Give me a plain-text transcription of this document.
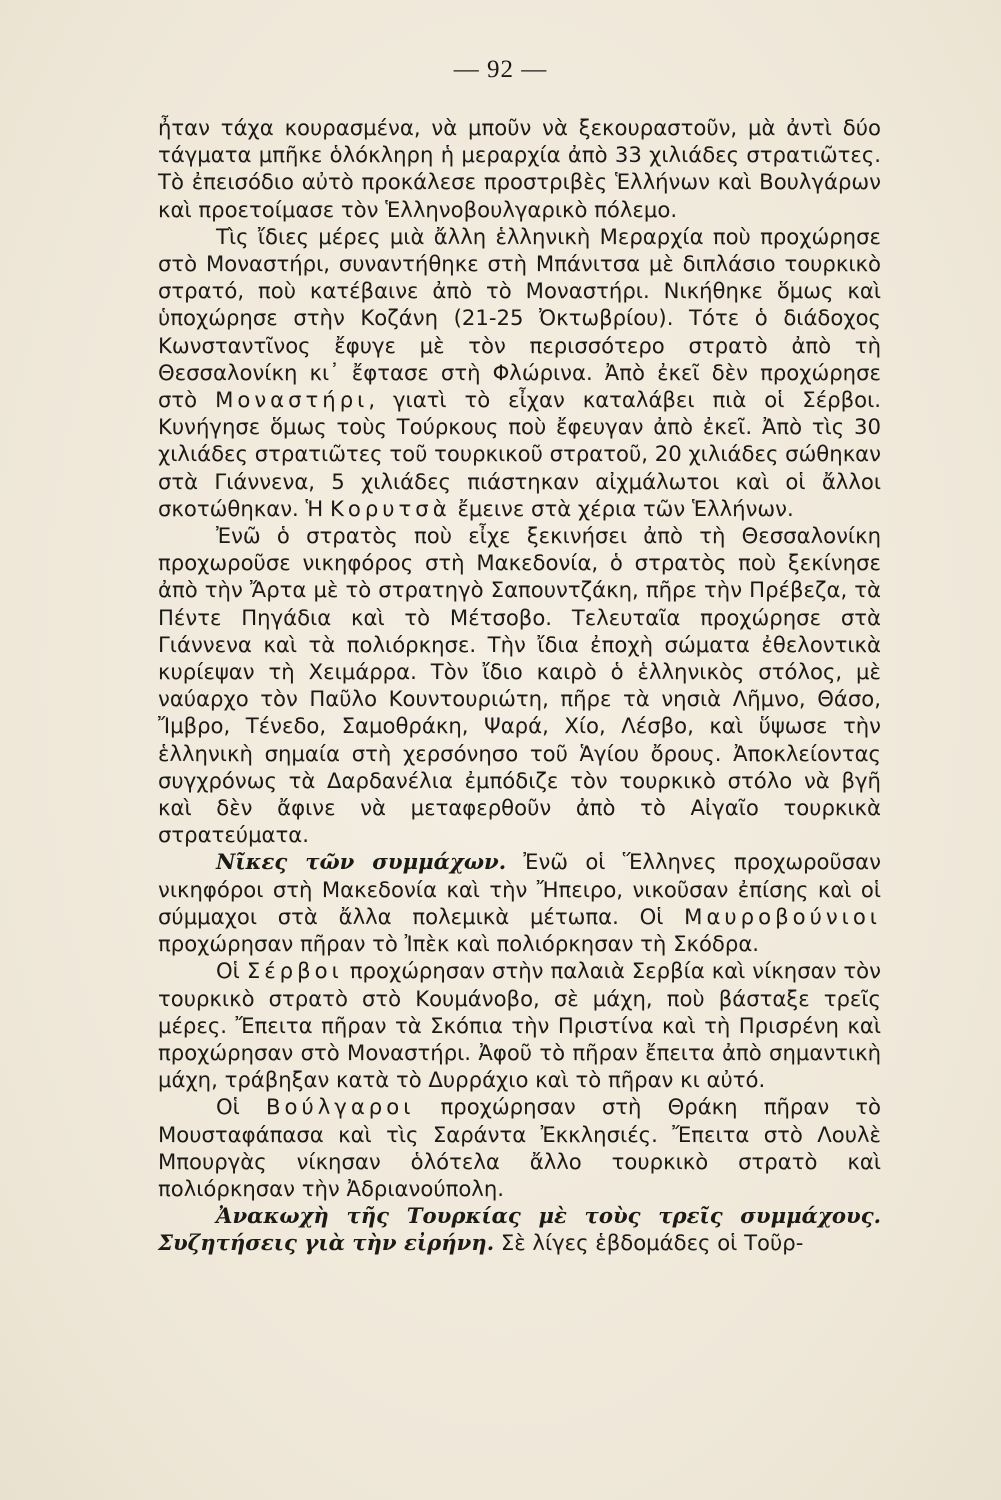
— 92 —

ἦταν τάχα κουρασμένα, νὰ μποῦν νὰ ξεκουραστοῦν, μὰ ἀντὶ δύο τάγματα μπῆκε ὁλόκληρη ἡ μεραρχία ἀπὸ 33 χιλιάδες στρατιῶτες. Τὸ ἐπεισόδιο αὐτὸ προκάλεσε προστριβὲς Ἑλλήνων καὶ Βουλγάρων καὶ προετοίμασε τὸν Ἑλληνοβουλγαρικὸ πόλεμο.

Τὶς ἴδιες μέρες μιὰ ἄλλη ἑλληνικὴ Μεραρχία ποὺ προχώρησε στὸ Μοναστήρι, συναντήθηκε στὴ Μπάνιτσα μὲ διπλάσιο τουρκικὸ στρατό, ποὺ κατέβαινε ἀπὸ τὸ Μοναστήρι. Νικήθηκε ὅμως καὶ ὑποχώρησε στὴν Κοζάνη (21-25 Ὀκτωβρίου). Τότε ὁ διάδοχος Κωνσταντῖνος ἔφυγε μὲ τὸν περισσότερο στρατὸ ἀπὸ τὴ Θεσσαλονίκη κι᾿ ἔφτασε στὴ Φλώρινα. Ἀπὸ ἐκεῖ δὲν προχώρησε στὸ Μοναστήρι, γιατὶ τὸ εἶχαν καταλάβει πιὰ οἱ Σέρβοι. Κυνήγησε ὅμως τοὺς Τούρκους ποὺ ἔφευγαν ἀπὸ ἐκεῖ. Ἀπὸ τὶς 30 χιλιάδες στρατιῶτες τοῦ τουρκικοῦ στρατοῦ, 20 χιλιάδες σώθηκαν στὰ Γιάννενα, 5 χιλιάδες πιάστηκαν αἰχμάλωτοι καὶ οἱ ἄλλοι σκοτώθηκαν. Ἡ Κορυτσὰ ἔμεινε στὰ χέρια τῶν Ἑλλήνων.

Ἐνῶ ὁ στρατὸς ποὺ εἶχε ξεκινήσει ἀπὸ τὴ Θεσσαλονίκη προχωροῦσε νικηφόρος στὴ Μακεδονία, ὁ στρατὸς ποὺ ξεκίνησε ἀπὸ τὴν Ἄρτα μὲ τὸ στρατηγὸ Σαπουντζάκη, πῆρε τὴν Πρέβεζα, τὰ Πέντε Πηγάδια καὶ τὸ Μέτσοβο. Τελευταῖα προχώρησε στὰ Γιάννενα καὶ τὰ πολιόρκησε. Τὴν ἴδια ἐποχὴ σώματα ἐθελοντικὰ κυρίεψαν τὴ Χειμάρρα. Τὸν ἴδιο καιρὸ ὁ ἑλληνικὸς στόλος, μὲ ναύαρχο τὸν Παῦλο Κουντουριώτη, πῆρε τὰ νησιὰ Λῆμνο, Θάσο, Ἴμβρο, Τένεδο, Σαμοθράκη, Ψαρά, Χίο, Λέσβο, καὶ ὕψωσε τὴν ἑλληνικὴ σημαία στὴ χερσόνησο τοῦ Ἁγίου ὄρους. Ἀποκλείοντας συγχρόνως τὰ Δαρδανέλια ἐμπόδιζε τὸν τουρκικὸ στόλο νὰ βγῆ καὶ δὲν ἄφινε νὰ μεταφερθοῦν ἀπὸ τὸ Αἰγαῖο τουρκικὰ στρατεύματα.

Νῖκες τῶν συμμάχων. Ἐνῶ οἱ Ἕλληνες προχωροῦσαν νικηφόροι στὴ Μακεδονία καὶ τὴν Ἤπειρο, νικοῦσαν ἐπίσης καὶ οἱ σύμμαχοι στὰ ἄλλα πολεμικὰ μέτωπα. Οἱ Μαυροβούνιοι προχώρησαν πῆραν τὸ Ἰπὲκ καὶ πολιόρκησαν τὴ Σκόδρα.

Οἱ Σέρβοι προχώρησαν στὴν παλαιὰ Σερβία καὶ νίκησαν τὸν τουρκικὸ στρατὸ στὸ Κουμάνοβο, σὲ μάχη, ποὺ βάσταξε τρεῖς μέρες. Ἔπειτα πῆραν τὰ Σκόπια τὴν Πριστίνα καὶ τὴ Πρισρένη καὶ προχώρησαν στὸ Μοναστήρι. Ἀφοῦ τὸ πῆραν ἔπειτα ἀπὸ σημαντικὴ μάχη, τράβηξαν κατὰ τὸ Δυρράχιο καὶ τὸ πῆραν κι αὐτό.

Οἱ Βούλγαροι προχώρησαν στὴ Θράκη πῆραν τὸ Μουσταφάπασα καὶ τὶς Σαράντα Ἐκκλησιές. Ἔπειτα στὸ Λουλὲ Μπουργὰς νίκησαν ὁλότελα ἄλλο τουρκικὸ στρατὸ καὶ πολιόρκησαν τὴν Ἀδριανούπολη.

Ἀνακωχὴ τῆς Τουρκίας μὲ τοὺς τρεῖς συμμάχους. Συζητήσεις γιὰ τὴν εἰρήνη. Σὲ λίγες ἑβδομάδες οἱ Τοῦρ-
